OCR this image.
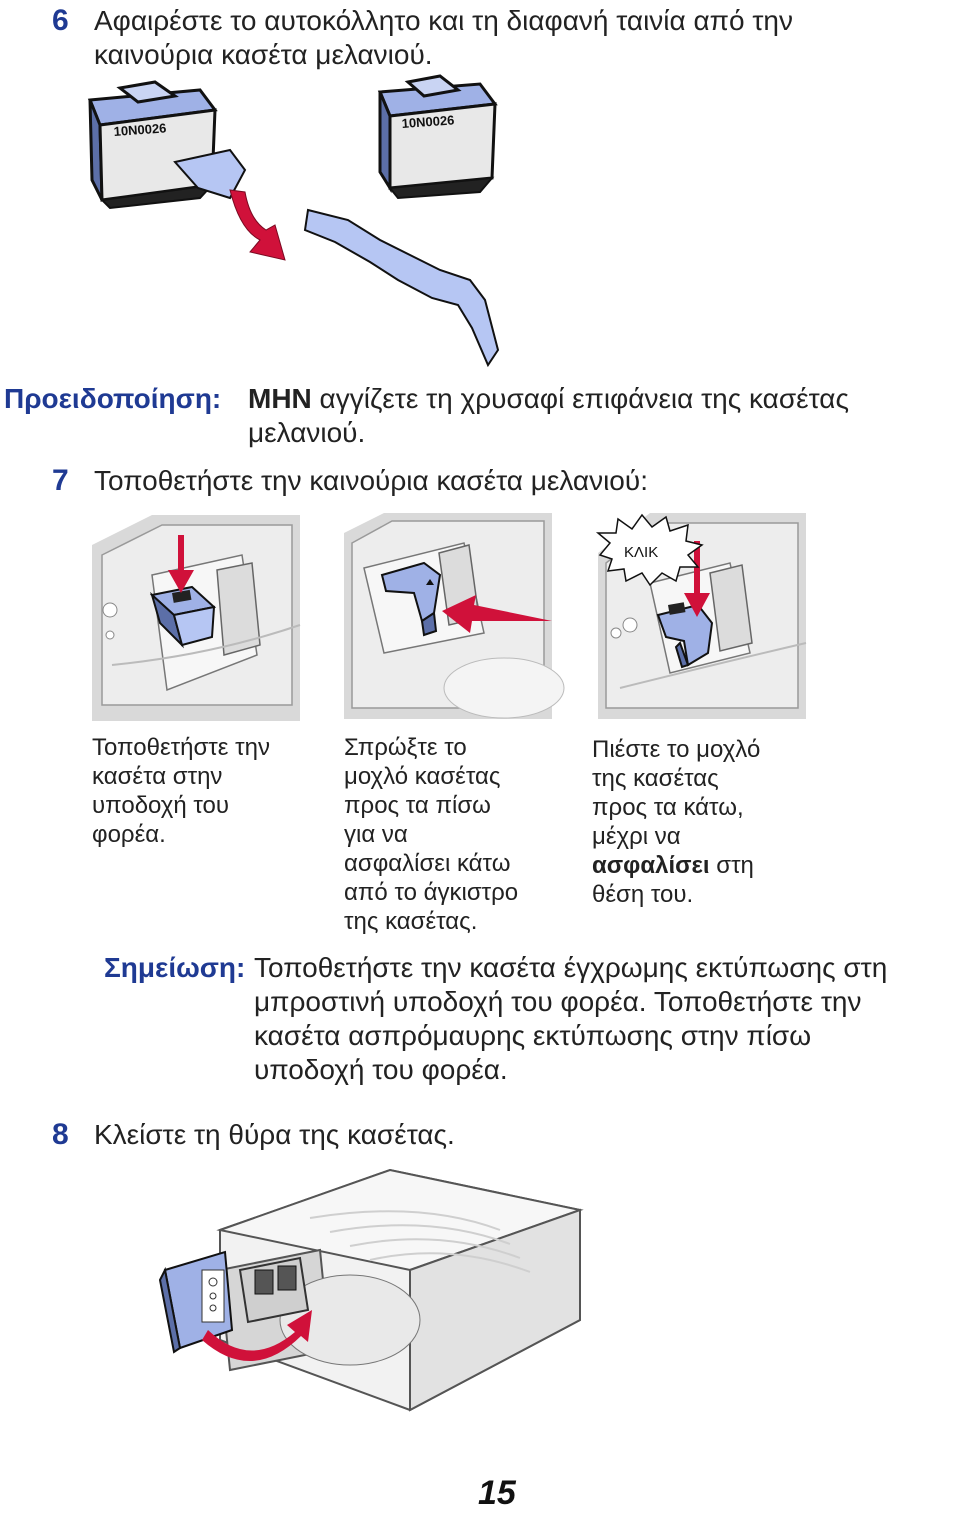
6 Αφαιρέστε το αυτοκόλλητο και τη διαφανή ταινία από την
καινούρια κασέτα μελανιού.
10N0026	10N0026
Προειδοποίηση: ΜΗΝ αγγίζετε τη χρυσαφί επιφάνεια της κασέτας
μελανιού.
7 Τοποθετήστε την καινούρια κασέτα μελανιού:
ΚΛΙΚ
Τοποθετήστε την
κασέτα στην
υποδοχή του
φορέα.
Σπρώξτε το
μοχλό κασέτας
προς τα πίσω
για να
ασφαλίσει κάτω
από το άγκιστρο
της κασέτας.
Πιέστε το μοχλό
της κασέτας
προς τα κάτω,
μέχρι να
ασφαλίσει στη
θέση του.
Σημείωση: Τοποθετήστε την κασέτα έγχρωμης εκτύπωσης στη
μπροστινή υποδοχή του φορέα. Τοποθετήστε την
κασέτα ασπρόμαυρης εκτύπωσης στην πίσω
υποδοχή του φορέα.
8 Κλείστε τη θύρα της κασέτας.
15
